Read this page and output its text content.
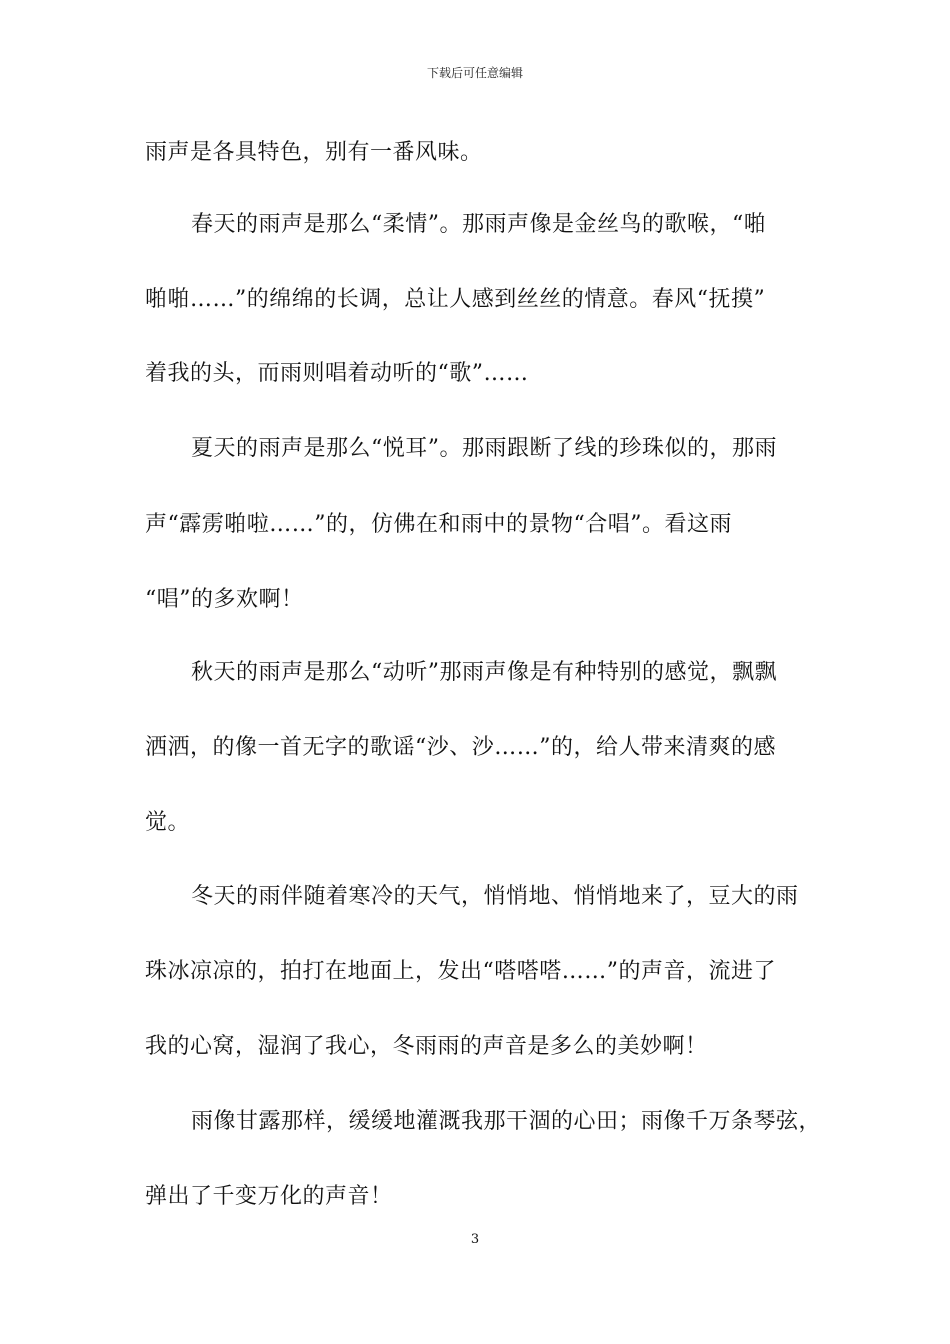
下载后可任意编辑
雨声是各具特色，别有一番风味。
春天的雨声是那么“柔情”。那雨声像是金丝鸟的歌喉，“啪
啪啪……”的绵绵的长调，总让人感到丝丝的情意。春风“抚摸”
着我的头，而雨则唱着动听的“歌”……
夏天的雨声是那么“悦耳”。那雨跟断了线的珍珠似的，那雨
声“霹雳啪啦……”的，仿佛在和雨中的景物“合唱”。看这雨
“唱”的多欢啊！
秋天的雨声是那么“动听”那雨声像是有种特别的感觉，飘飘
洒洒，的像一首无字的歌谣“沙、沙……”的，给人带来清爽的感
觉。
冬天的雨伴随着寒冷的天气，悄悄地、悄悄地来了，豆大的雨
珠冰凉凉的，拍打在地面上，发出“嗒嗒嗒……”的声音，流进了
我的心窝，湿润了我心，冬雨雨的声音是多么的美妙啊！
雨像甘露那样，缓缓地灌溉我那干涸的心田；雨像千万条琴弦，
弹出了千变万化的声音！
3
